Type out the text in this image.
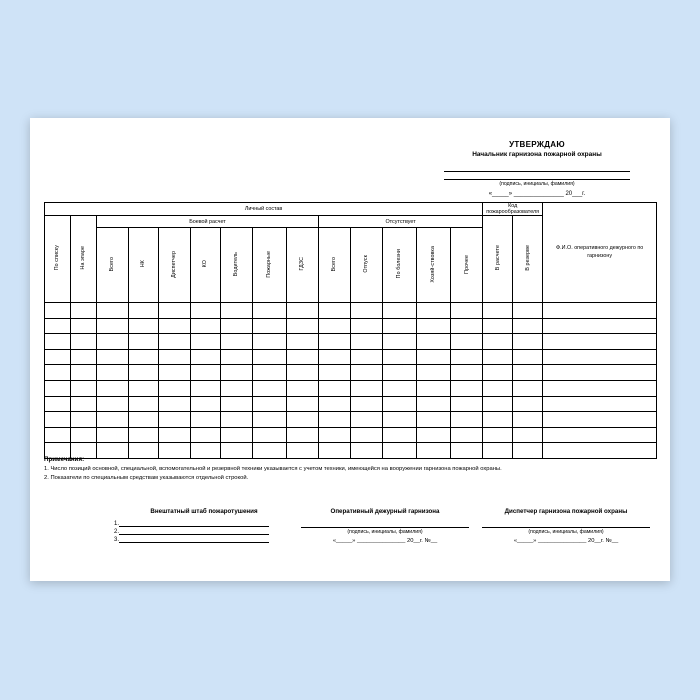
УТВЕРЖДАЮ
Начальник гарнизона пожарной охраны
(подпись, инициалы, фамилия)
«_____» _______________ 20___г.
Личный состав														Код пожарообразователя		Ф.И.О. оперативного дежурного по гарнизону
По списку	На эпаре	Боевой расчет							Отсутствует					В расчете	В резерве	
		Всего	НК	Диспетчер	КО	Водитель	Пожарные	ГДЗС	Всего	Отпуск	По болезни	Хозяй-ствовка	Прочее			

Примечания:
1. Число позиций основной, специальной, вспомогательной и резервной техники указывается с учетом техники, имеющейся на вооружении гарнизона пожарной охраны.
2. Показатели по специальным средствам указываются отдельной строкой.
Внештатный штаб пожаротушения
1.
2.
3.
Оперативный дежурный гарнизона
(подпись, инициалы, фамилия)
«_____» _______________ 20__г. №__
Диспетчер гарнизона пожарной охраны
(подпись, инициалы, фамилия)
«_____» _______________ 20__г. №__
